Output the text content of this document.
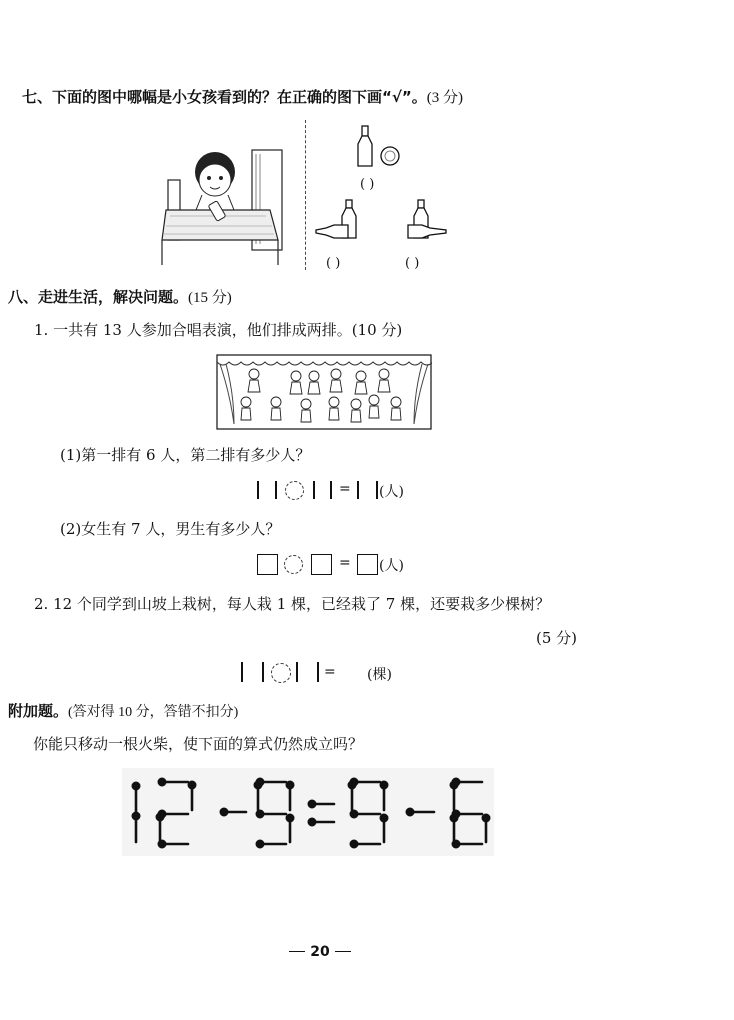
七、下面的图中哪幅是小女孩看到的？在正确的图下画“√”。(3 分)
( )
( )	( )
八、走进生活，解决问题。(15 分)
1. 一共有 13 人参加合唱表演，他们排成两排。(10 分)
(1)第一排有 6 人，第二排有多少人？
= (人)
(2)女生有 7 人，男生有多少人？
= (人)
2. 12 个同学到山坡上栽树，每人栽 1 棵，已经栽了 7 棵，还要栽多少棵树？
(5 分)
= (棵)
附加题。(答对得 10 分，答错不扣分)
你能只移动一根火柴，使下面的算式仍然成立吗？
20
